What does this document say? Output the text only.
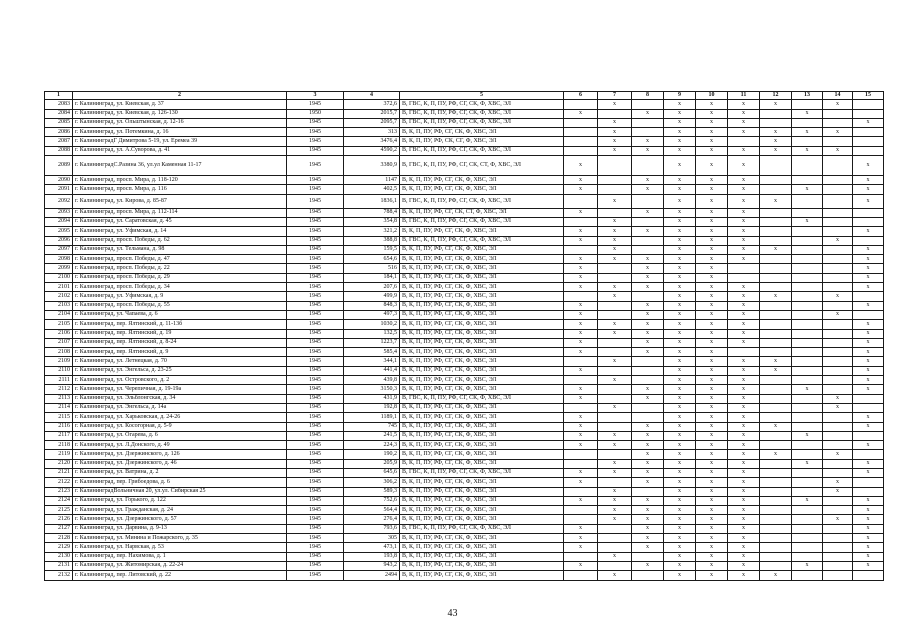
1	2	3	4	5	6	7	8	9	10	11	12	13	14	15
2083	г. Калининград, ул. Киевская, д. 37	1945	372,6	В, ГВС, К, П, ПУ, РФ, СГ, СК, Ф, ХВС, ЭЛ		х		х	х	х	х		х	
2084	г. Калининград, ул. Киевская, д. 126-130	1950	2015,7	В, ГВС, К, П, ПУ, РФ, СГ, СК, Ф, ХВС, ЭЛ	х		х	х	х	х		х		
2085	г. Калининград, ул. Ольштынская, д. 12-16	1945	2095,7	В, ГВС, К, П, ПУ, РФ, СГ, СК, Ф, ХВС, ЭЛ		х		х	х	х				х
2086	г. Калининград, ул. Потемкина, д. 16	1945	313	В, К, П, ПУ, РФ, СГ, СК, Ф, ХВС, ЭЛ		х		х	х	х	х	х	х	
2087	г. КалининградГ Димитрова 5-19, ул. Еремеа 39	1945	3476,4	В, К, П, ПУ, РФ, СК, СГ, Ф, ХВС, ЭЛ		х	х	х	х		х			
2088	г. Калининград, ул. А.Суворова, д. 41	1945	4590,2	В, ГВС, К, П, ПУ, РФ, СГ, СК, Ф, ХВС, ЭЛ		х	х	х	х	х	х	х	х	
2089	г. КалининградС.Разина 36, ул.ул Каменная 11-17	1945	3380,9	В, ГВС, К, П, ПУ, РФ, СГ, СК, СТ, Ф, ХВС, ЭЛ	х			х	х	х				х
2090	г. Калининград, просп. Мира, д. 118-120	1945	1147	В, К, П, ПУ, РФ, СГ, СК, Ф, ХВС, ЭЛ	х		х	х	х	х				х
2091	г. Калининград, просп. Мира, д. 116	1945	402,5	В, К, П, ПУ, РФ, СГ, СК, Ф, ХВС, ЭЛ	х		х	х	х	х		х		х
2092	г. Калининград, ул. Кирова, д. 85-87	1945	1836,1	В, ГВС, К, П, ПУ, РФ, СГ, СК, Ф, ХВС, ЭЛ		х		х	х	х	х			х
2093	г. Калининград, просп. Мира, д. 112-114	1945	788,4	В, К, П, ПУ, РФ, СГ, СК, СТ, Ф, ХВС, ЭЛ	х		х	х	х	х				
2094	г. Калининград, ул. Саратовская, д. 45	1945	354,8	В, ГВС, К, П, ПУ, РФ, СГ, СК, Ф, ХВС, ЭЛ		х		х	х	х		х		
2095	г. Калининград, ул. Уфимская, д. 14	1945	321,2	В, К, П, ПУ, РФ, СГ, СК, Ф, ХВС, ЭЛ	х	х	х	х	х	х				х
2096	г. Калининград, просп. Победы, д. 62	1945	388,8	В, ГВС, К, П, ПУ, РФ, СГ, СК, Ф, ХВС, ЭЛ	х	х		х	х	х			х	
2097	г. Калининград, ул. Тельмана, д. 98	1945	159,5	В, К, П, ПУ, РФ, СГ, СК, Ф, ХВС, ЭЛ		х		х	х	х	х			х
2098	г. Калининград, просп. Победы, д. 47	1945	654,6	В, К, П, ПУ, РФ, СГ, СК, Ф, ХВС, ЭЛ	х	х	х	х	х	х				х
2099	г. Калининград, просп. Победы, д. 22	1945	516	В, К, П, ПУ, РФ, СГ, СК, Ф, ХВС, ЭЛ	х		х	х	х					х
2100	г. Калининград, просп. Победы, д. 29	1945	184,1	В, К, П, ПУ, РФ, СГ, СК, Ф, ХВС, ЭЛ	х		х	х	х					х
2101	г. Калининград, просп. Победы, д. 34	1945	207,6	В, К, П, ПУ, РФ, СГ, СК, Ф, ХВС, ЭЛ	х	х	х	х	х	х				х
2102	г. Калининград, ул. Уфимская, д. 9	1945	499,9	В, К, П, ПУ, РФ, СГ, СК, Ф, ХВС, ЭЛ		х		х	х	х	х		х	
2103	г. Калининград, просп. Победы, д. 55	1945	848,3	В, К, П, ПУ, РФ, СГ, СК, Ф, ХВС, ЭЛ	х		х	х	х	х				х
2104	г. Калининград, ул. Чапаева, д. 6	1945	497,3	В, К, П, ПУ, РФ, СГ, СК, Ф, ХВС, ЭЛ	х		х	х	х	х			х	
2105	г. Калининград, пер. Ялтинский, д. 11-13б	1945	1030,2	В, К, П, ПУ, РФ, СГ, СК, Ф, ХВС, ЭЛ	х	х	х	х	х	х				х
2106	г. Калининград, пер. Ялтинский, д. 19	1945	132,5	В, К, П, ПУ, РФ, СГ, СК, Ф, ХВС, ЭЛ	х	х	х	х	х	х				х
2107	г. Калининград, пер. Ялтинский, д. 8-24	1945	1223,7	В, К, П, ПУ, РФ, СГ, СК, Ф, ХВС, ЭЛ	х		х	х	х	х				х
2108	г. Калининград, пер. Ялтинский, д. 9	1945	585,4	В, К, П, ПУ, РФ, СГ, СК, Ф, ХВС, ЭЛ	х		х	х	х					х
2109	г. Калининград, ул. Летнецкая, д. 70	1945	344,1	В, К, П, ПУ, РФ, СГ, СК, Ф, ХВС, ЭЛ		х		х	х	х	х			х
2110	г. Калининград, ул. Энгельса, д. 23-25	1945	441,4	В, К, П, ПУ, РФ, СГ, СК, Ф, ХВС, ЭЛ	х			х	х	х	х			х
2111	г. Калининград, ул. Островского, д. 2	1945	439,8	В, К, П, ПУ, РФ, СГ, СК, Ф, ХВС, ЭЛ		х		х	х	х				х
2112	г. Калининград, ул. Черепичная, д. 19-19а	1945	3150,3	В, К, П, ПУ, РФ, СГ, СК, Ф, ХВС, ЭЛ	х		х	х	х	х		х		х
2113	г. Калининград, ул. Эльблонгская, д. 34	1945	431,9	В, ГВС, К, П, ПУ, РФ, СГ, СК, Ф, ХВС, ЭЛ	х		х	х	х	х			х	
2114	г. Калининград, ул. Энгельса, д. 14а	1945	192,8	В, К, П, ПУ, РФ, СГ, СК, Ф, ХВС, ЭЛ		х		х	х	х			х	
2115	г. Калининград, ул. Харьковская, д. 24-26	1945	1189,1	В, К, П, ПУ, РФ, СГ, СК, Ф, ХВС, ЭЛ	х			х	х	х				х
2116	г. Калининград, ул. Косогорная, д. 5-9	1945	745	В, К, П, ПУ, РФ, СГ, СК, Ф, ХВС, ЭЛ	х		х	х	х	х	х			х
2117	г. Калининград, ул. Огарева, д. 6	1945	241,5	В, К, П, ПУ, РФ, СГ, СК, Ф, ХВС, ЭЛ	х	х	х	х	х	х		х		
2118	г. Калининград, ул. Л.Донского, д. 49	1945	224,3	В, К, П, ПУ, РФ, СГ, СК, Ф, ХВС, ЭЛ	х	х	х	х	х	х				х
2119	г. Калининград, ул. Дзержинского, д. 126	1945	190,2	В, К, П, ПУ, РФ, СГ, СК, Ф, ХВС, ЭЛ			х	х	х	х	х		х	
2120	г. Калининград, ул. Дзержинского, д. 46	1945	205,9	В, К, П, ПУ, РФ, СГ, СК, Ф, ХВС, ЭЛ		х	х	х	х	х		х		х
2121	г. Калининград, ул. Ватрина, д. 2	1945	645,6	В, ГВС, К, П, ПУ, РФ, СГ, СК, Ф, ХВС, ЭЛ	х	х	х	х	х	х				х
2122	г. Калининград, пер. Грибоедова, д. 6	1945	306,2	В, К, П, ПУ, РФ, СГ, СК, Ф, ХВС, ЭЛ	х		х	х	х	х			х	
2123	г. КалининградВольничная 20, ул.ул. Сибирская 25	1945	589,3	В, К, П, ПУ, РФ, СГ, СК, Ф, ХВС, ЭЛ		х		х	х	х			х	
2124	г. Калининград, ул. Горького, д. 122	1945	752,6	В, К, П, ПУ, РФ, СГ, СК, Ф, ХВС, ЭЛ	х	х	х	х	х	х		х		х
2125	г. Калининград, ул. Гражданская, д. 24	1945	564,4	В, К, П, ПУ, РФ, СГ, СК, Ф, ХВС, ЭЛ		х	х	х	х	х				х
2126	г. Калининград, ул. Дзержинского, д. 57	1945	276,4	В, К, П, ПУ, РФ, СГ, СК, Ф, ХВС, ЭЛ		х	х	х	х	х			х	х
2127	г. Калининград, ул. Дарвина, д. 9-13	1945	793,6	В, ГВС, К, П, ПУ, РФ, СГ, СК, Ф, ХВС, ЭЛ	х		х	х	х	х				х
2128	г. Калининград, ул. Минина и Пожарского, д. 35	1945	305	В, К, П, ПУ, РФ, СГ, СК, Ф, ХВС, ЭЛ	х		х	х	х	х				х
2129	г. Калининград, ул. Нарвская, д. 53	1945	473,1	В, К, П, ПУ, РФ, СГ, СК, Ф, ХВС, ЭЛ	х		х	х	х	х				х
2130	г. Калининград, пер. Нахимова, д. 1	1945	193,8	В, К, П, ПУ, РФ, СГ, СК, Ф, ХВС, ЭЛ		х		х	х	х				х
2131	г. Калининград, ул. Житомирская, д. 22-24	1945	943,2	В, К, П, ПУ, РФ, СГ, СК, Ф, ХВС, ЭЛ	х		х	х	х	х		х		х
2132	г. Калининград, пер. Литовский, д. 22	1945	2494	В, К, П, ПУ, РФ, СГ, СК, Ф, ХВС, ЭЛ		х		х	х	х	х			
43
